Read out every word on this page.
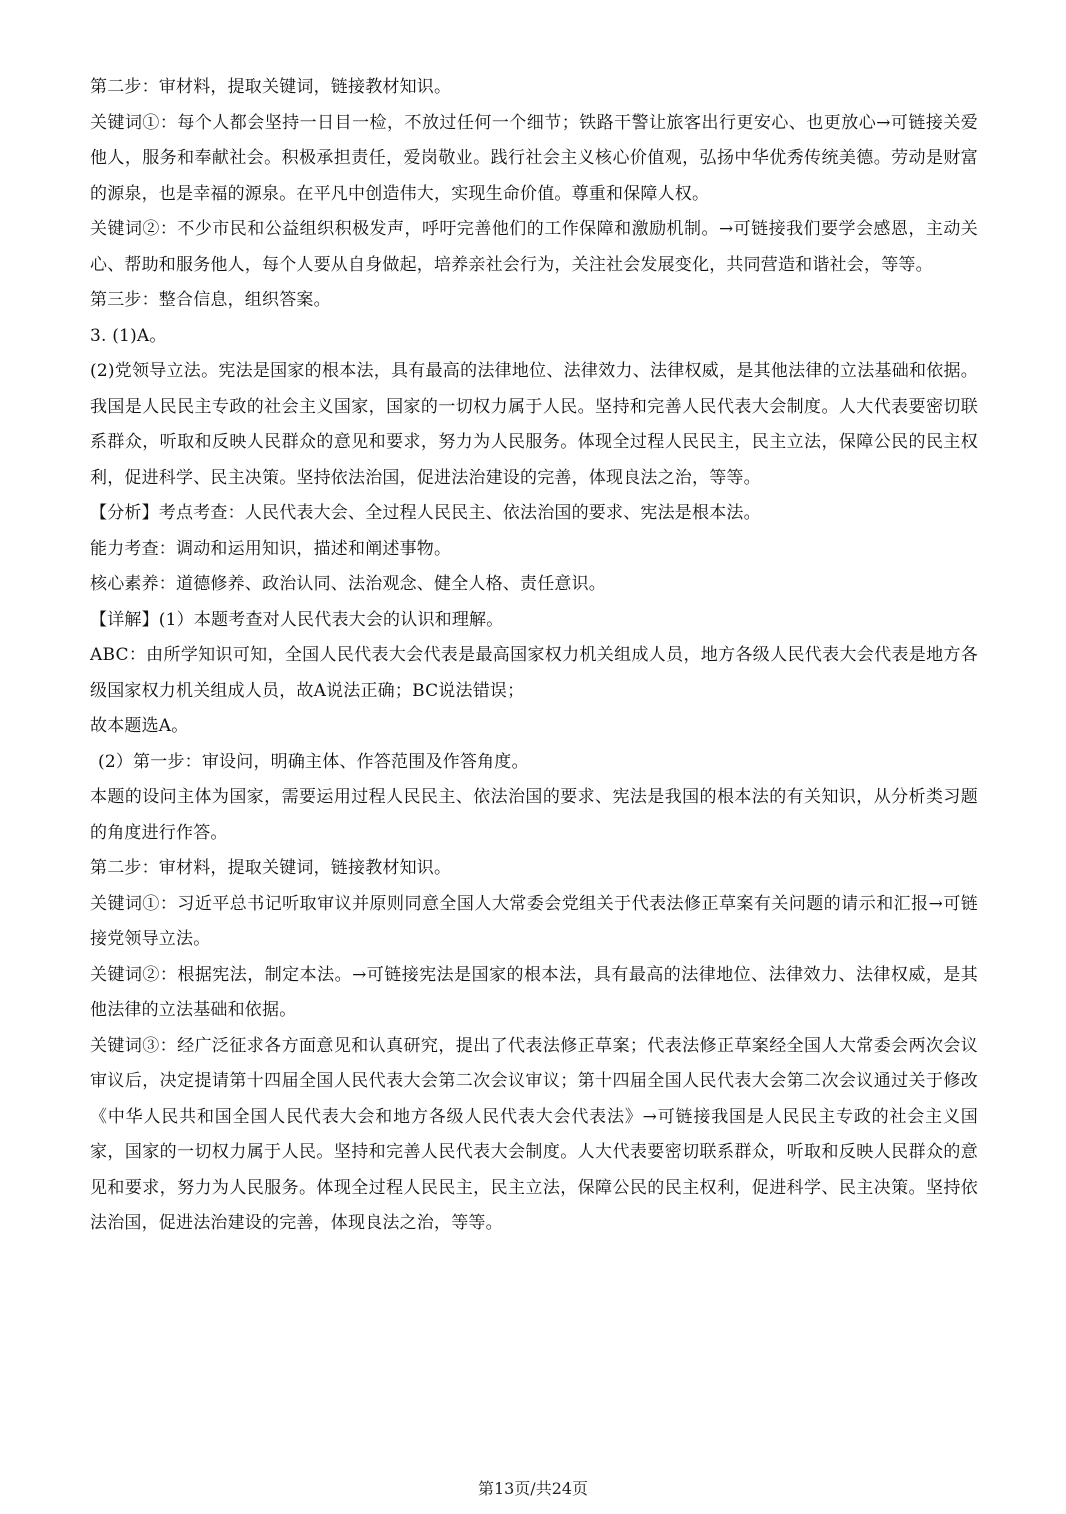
第二步：审材料，提取关键词，链接教材知识。

关键词①：每个人都会坚持一日目一检，不放过任何一个细节；铁路干警让旅客出行更安心、也更放心→可链接关爱他人，服务和奉献社会。积极承担责任，爱岗敬业。践行社会主义核心价值观，弘扬中华优秀传统美德。劳动是财富的源泉，也是幸福的源泉。在平凡中创造伟大，实现生命价值。尊重和保障人权。

关键词②：不少市民和公益组织积极发声，呼吁完善他们的工作保障和激励机制。→可链接我们要学会感恩，主动关心、帮助和服务他人，每个人要从自身做起，培养亲社会行为，关注社会发展变化，共同营造和谐社会，等等。

第三步：整合信息，组织答案。

3. (1)A。

(2)党领导立法。宪法是国家的根本法，具有最高的法律地位、法律效力、法律权威，是其他法律的立法基础和依据。我国是人民民主专政的社会主义国家，国家的一切权力属于人民。坚持和完善人民代表大会制度。人大代表要密切联系群众，听取和反映人民群众的意见和要求，努力为人民服务。体现全过程人民民主，民主立法，保障公民的民主权利，促进科学、民主决策。坚持依法治国，促进法治建设的完善，体现良法之治，等等。

【分析】考点考查：人民代表大会、全过程人民民主、依法治国的要求、宪法是根本法。

能力考查：调动和运用知识，描述和阐述事物。

核心素养：道德修养、政治认同、法治观念、健全人格、责任意识。

【详解】(1）本题考查对人民代表大会的认识和理解。

ABC：由所学知识可知，全国人民代表大会代表是最高国家权力机关组成人员，地方各级人民代表大会代表是地方各级国家权力机关组成人员，故A说法正确；BC说法错误；

故本题选A。

(2）第一步：审设问，明确主体、作答范围及作答角度。

本题的设问主体为国家，需要运用过程人民民主、依法治国的要求、宪法是我国的根本法的有关知识，从分析类习题的角度进行作答。

第二步：审材料，提取关键词，链接教材知识。

关键词①：习近平总书记听取审议并原则同意全国人大常委会党组关于代表法修正草案有关问题的请示和汇报→可链接党领导立法。

关键词②：根据宪法，制定本法。→可链接宪法是国家的根本法，具有最高的法律地位、法律效力、法律权威，是其他法律的立法基础和依据。

关键词③：经广泛征求各方面意见和认真研究，提出了代表法修正草案；代表法修正草案经全国人大常委会两次会议审议后，决定提请第十四届全国人民代表大会第二次会议审议；第十四届全国人民代表大会第二次会议通过关于修改《中华人民共和国全国人民代表大会和地方各级人民代表大会代表法》→可链接我国是人民民主专政的社会主义国家，国家的一切权力属于人民。坚持和完善人民代表大会制度。人大代表要密切联系群众，听取和反映人民群众的意见和要求，努力为人民服务。体现全过程人民民主，民主立法，保障公民的民主权利，促进科学、民主决策。坚持依法治国，促进法治建设的完善，体现良法之治，等等。

第13页/共24页
